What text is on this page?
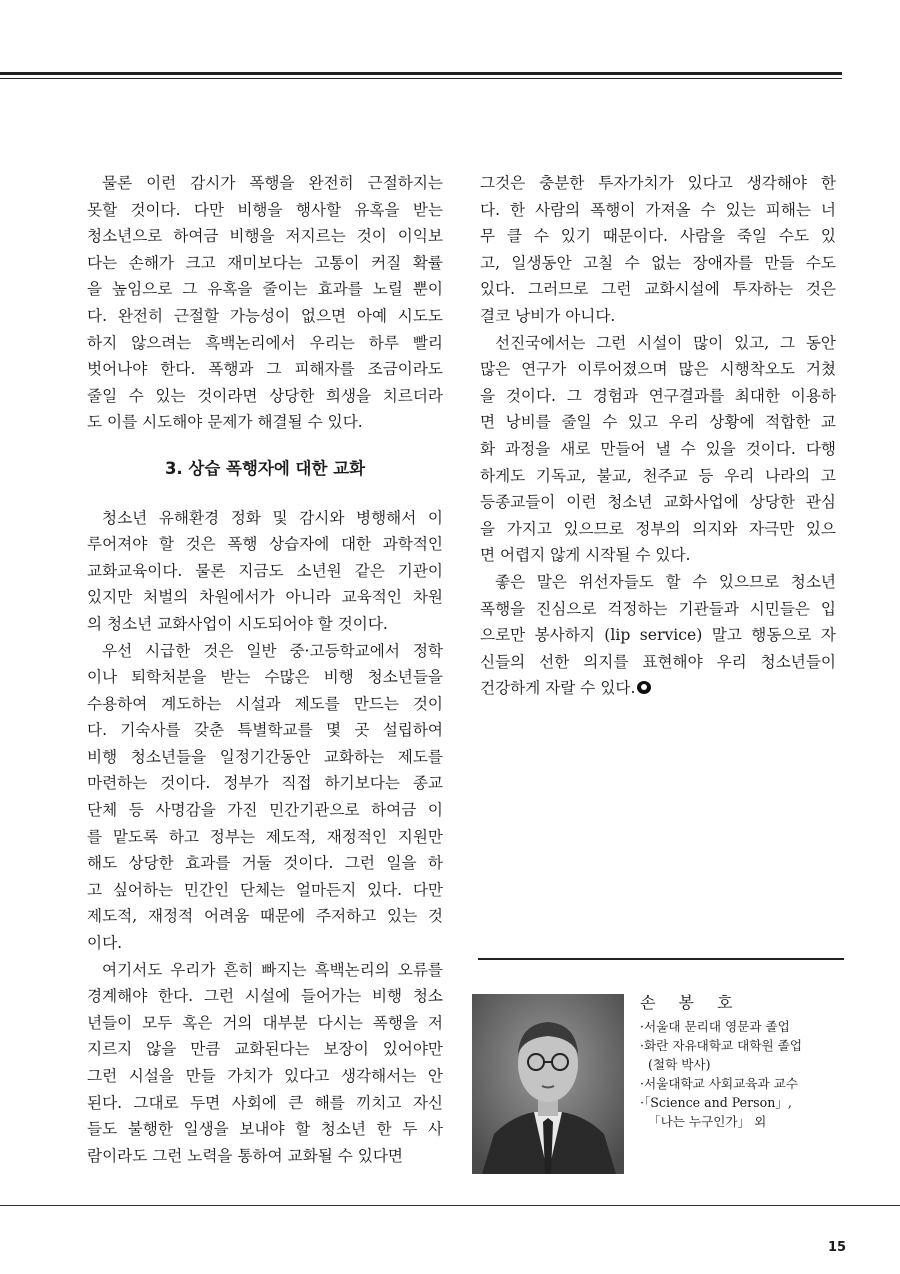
물론 이런 감시가 폭행을 완전히 근절하지는
못할 것이다. 다만 비행을 행사할 유혹을 받는
청소년으로 하여금 비행을 저지르는 것이 이익보
다는 손해가 크고 재미보다는 고통이 커질 확률
을 높임으로 그 유혹을 줄이는 효과를 노릴 뿐이
다. 완전히 근절할 가능성이 없으면 아예 시도도
하지 않으려는 흑백논리에서 우리는 하루 빨리
벗어나야 한다. 폭행과 그 피해자를 조금이라도
줄일 수 있는 것이라면 상당한 희생을 치르더라
도 이를 시도해야 문제가 해결될 수 있다.
3. 상습 폭행자에 대한 교화
청소년 유해환경 정화 및 감시와 병행해서 이
루어져야 할 것은 폭행 상습자에 대한 과학적인
교화교육이다. 물론 지금도 소년원 같은 기관이
있지만 처벌의 차원에서가 아니라 교육적인 차원
의 청소년 교화사업이 시도되어야 할 것이다.
우선 시급한 것은 일반 중·고등학교에서 정학
이나 퇴학처분을 받는 수많은 비행 청소년들을
수용하여 계도하는 시설과 제도를 만드는 것이
다. 기숙사를 갖춘 특별학교를 몇 곳 설립하여
비행 청소년들을 일정기간동안 교화하는 제도를
마련하는 것이다. 정부가 직접 하기보다는 종교
단체 등 사명감을 가진 민간기관으로 하여금 이
를 맡도록 하고 정부는 제도적, 재정적인 지원만
해도 상당한 효과를 거둘 것이다. 그런 일을 하
고 싶어하는 민간인 단체는 얼마든지 있다. 다만
제도적, 재정적 어려움 때문에 주저하고 있는 것
이다.
여기서도 우리가 흔히 빠지는 흑백논리의 오류를
경계해야 한다. 그런 시설에 들어가는 비행 청소
년들이 모두 혹은 거의 대부분 다시는 폭행을 저
지르지 않을 만큼 교화된다는 보장이 있어야만
그런 시설을 만들 가치가 있다고 생각해서는 안
된다. 그대로 두면 사회에 큰 해를 끼치고 자신
들도 불행한 일생을 보내야 할 청소년 한 두 사
람이라도 그런 노력을 통하여 교화될 수 있다면
그것은 충분한 투자가치가 있다고 생각해야 한
다. 한 사람의 폭행이 가져올 수 있는 피해는 너
무 클 수 있기 때문이다. 사람을 죽일 수도 있
고, 일생동안 고칠 수 없는 장애자를 만들 수도
있다. 그러므로 그런 교화시설에 투자하는 것은
결코 낭비가 아니다.
선진국에서는 그런 시설이 많이 있고, 그 동안
많은 연구가 이루어졌으며 많은 시행착오도 거쳤
을 것이다. 그 경험과 연구결과를 최대한 이용하
면 낭비를 줄일 수 있고 우리 상황에 적합한 교
화 과정을 새로 만들어 낼 수 있을 것이다. 다행
하게도 기독교, 불교, 천주교 등 우리 나라의 고
등종교들이 이런 청소년 교화사업에 상당한 관심
을 가지고 있으므로 정부의 의지와 자극만 있으
면 어렵지 않게 시작될 수 있다.
좋은 말은 위선자들도 할 수 있으므로 청소년
폭행을 진심으로 걱정하는 기관들과 시민들은 입
으로만 봉사하지 (lip service) 말고 행동으로 자
신들의 선한 의지를 표현해야 우리 청소년들이
건강하게 자랄 수 있다.
손 봉 호
·서울대 문리대 영문과 졸업
·화란 자유대학교 대학원 졸업
(철학 박사)
·서울대학교 사회교육과 교수
·「Science and Person」,
「나는 누구인가」 외
15
